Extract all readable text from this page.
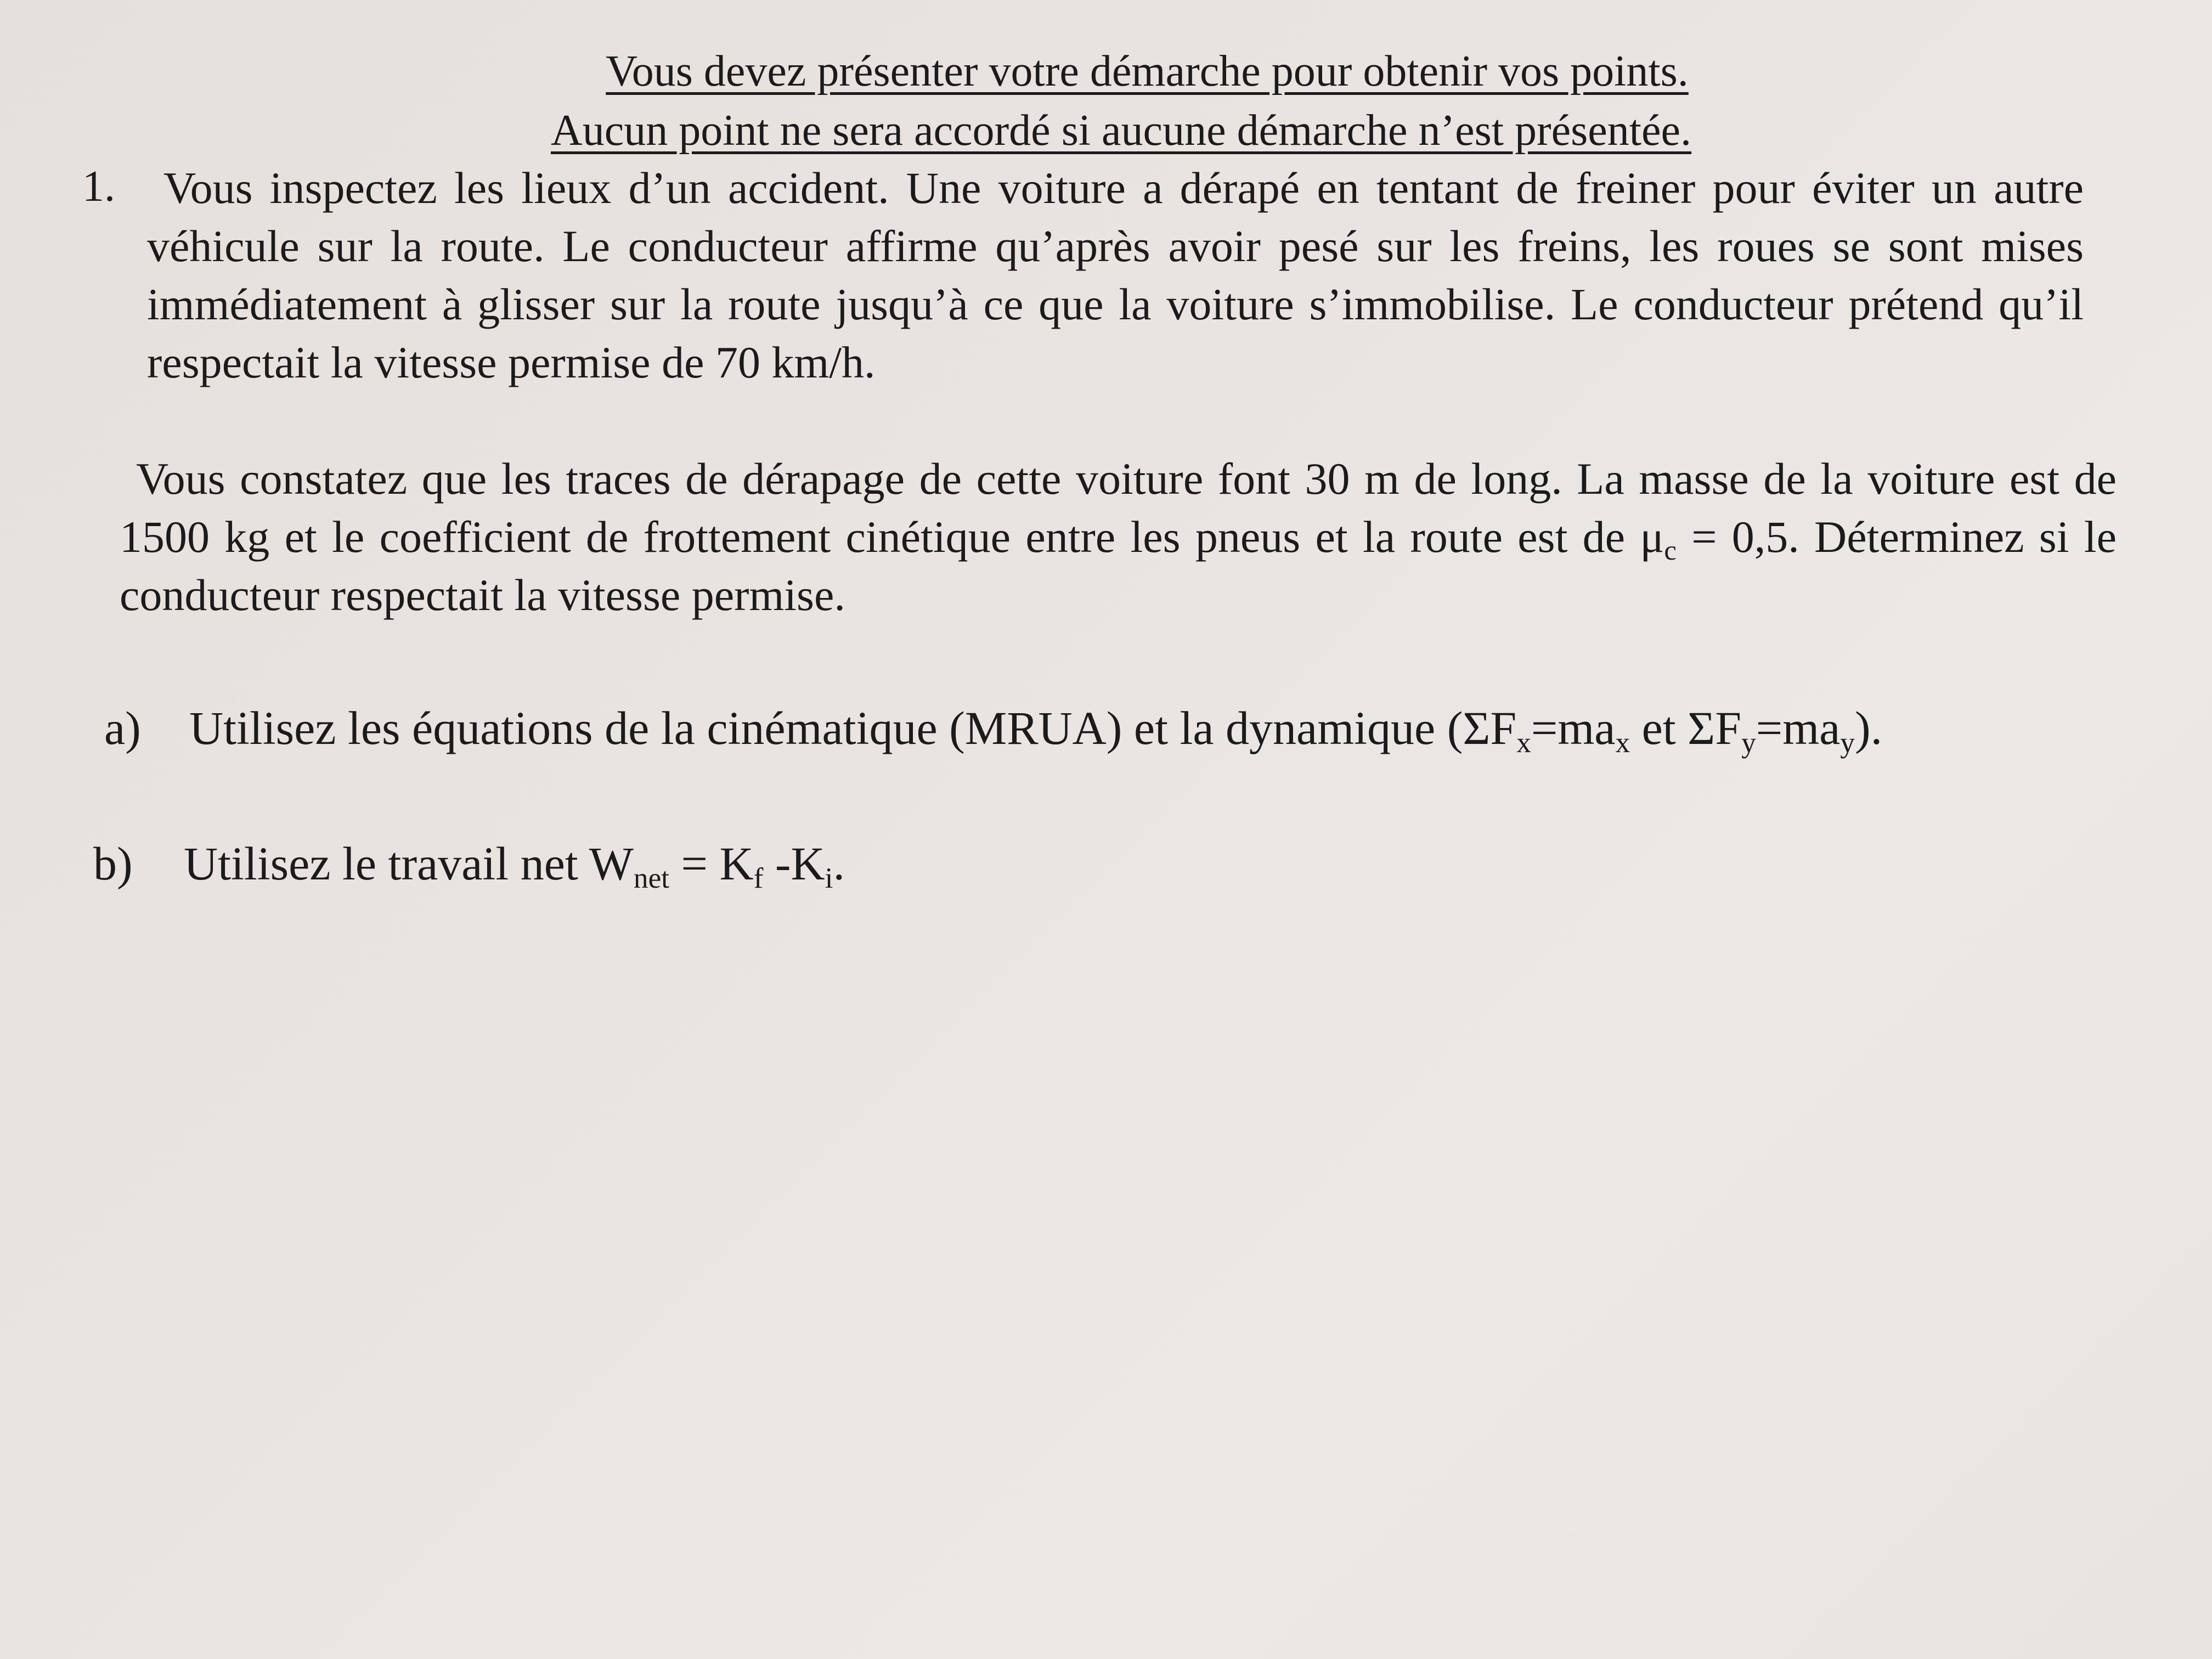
Vous devez présenter votre démarche pour obtenir vos points.
Aucun point ne sera accordé si aucune démarche n’est présentée.
1.	Vous inspectez les lieux d’un accident. Une voiture a dérapé en tentant de freiner pour éviter un autre véhicule sur la route. Le conducteur affirme qu’après avoir pesé sur les freins, les roues se sont mises immédiatement à glisser sur la route jusqu’à ce que la voiture s’immobilise. Le conducteur prétend qu’il respectait la vitesse permise de 70 km/h.
Vous constatez que les traces de dérapage de cette voiture font 30 m de long. La masse de la voiture est de 1500 kg et le coefficient de frottement cinétique entre les pneus et la route est de $\mu_c = 0,5$. Déterminez si le conducteur respectait la vitesse permise.
a) Utilisez les équations de la cinématique (MRUA) et la dynamique ($\Sigma F_x=ma_x$ et $\Sigma F_y=ma_y$).
b) Utilisez le travail net $W_{net} = K_f$ $-K_i$.
